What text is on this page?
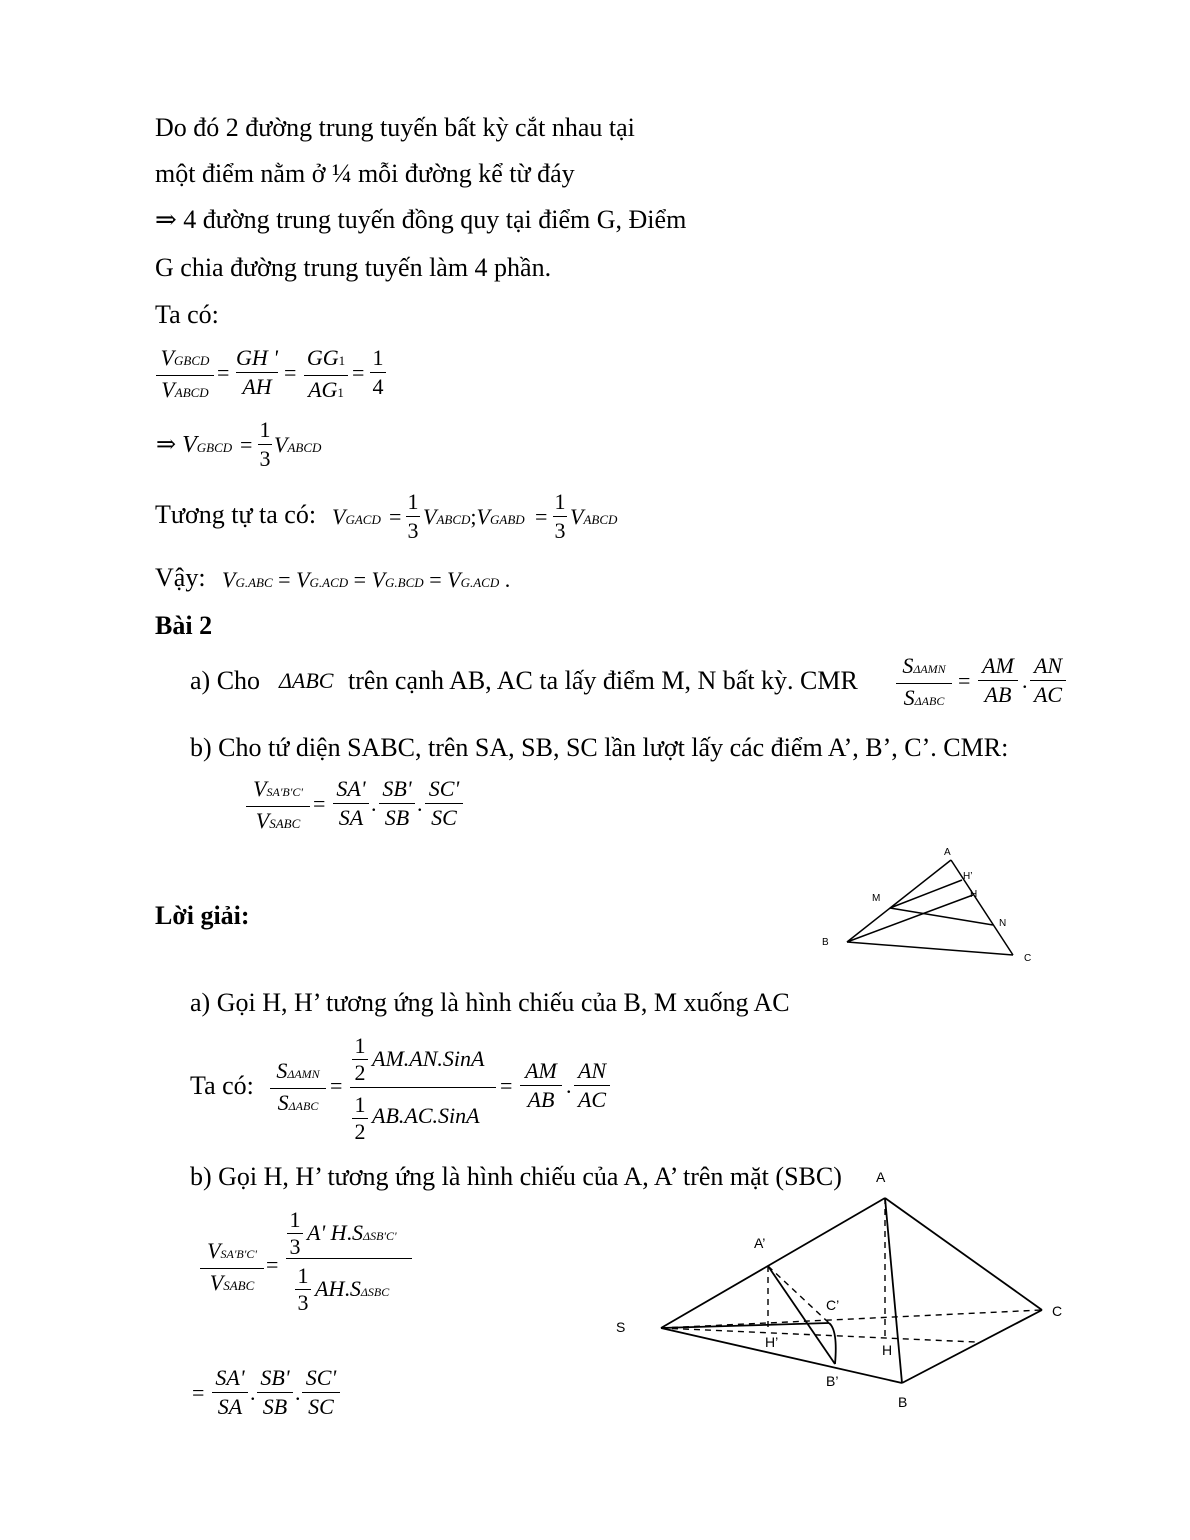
Do đó 2 đường trung tuyến bất kỳ cắt nhau tại
một điểm nằm ở ¼ mỗi đường kể từ đáy
⇒ 4 đường trung tuyến đồng quy tại điểm G, Điểm
G chia đường trung tuyến làm 4 phần.
Ta có:
VGBCD
VABCD
=
GH '
AH
=
GG1
AG1
=
1
4
⇒ VGBCD =
1
3
VABCD
Tương tự ta có: VGACD =
1
3
VABCD;VGABD =
1
3
VABCD
Vậy: VG.ABC = VG.ACD = VG.BCD = VG.ACD .
Bài 2
a) Cho ΔABC trên cạnh AB, AC ta lấy điểm M, N bất kỳ. CMR
SΔAMN
SΔABC
=
AM
AB
.
AN
AC
b) Cho tứ diện SABC, trên SA, SB, SC lần lượt lấy các điểm A’, B’, C’. CMR:
VSA'B'C'
VSABC
=
SA'
SA
.
SB'
SB
.
SC'
SC
A
H’
H
M
N
B
C
Lời giải:
a) Gọi H, H’ tương ứng là hình chiếu của B, M xuống AC
Ta có:
SΔAMN
SΔABC
=
1
2
AM.AN.SinA
1
2
AB.AC.SinA
=
AM
AB
.
AN
AC
b) Gọi H, H’ tương ứng là hình chiếu của A, A’ trên mặt (SBC)
VSA'B'C'
VSABC
=
1
3
A' H.SΔSB'C'
1
3
AH.SΔSBC
=
SA'
SA
.
SB'
SB
.
SC'
SC
A
A’
C’	C
S
H’	H
B’
B
